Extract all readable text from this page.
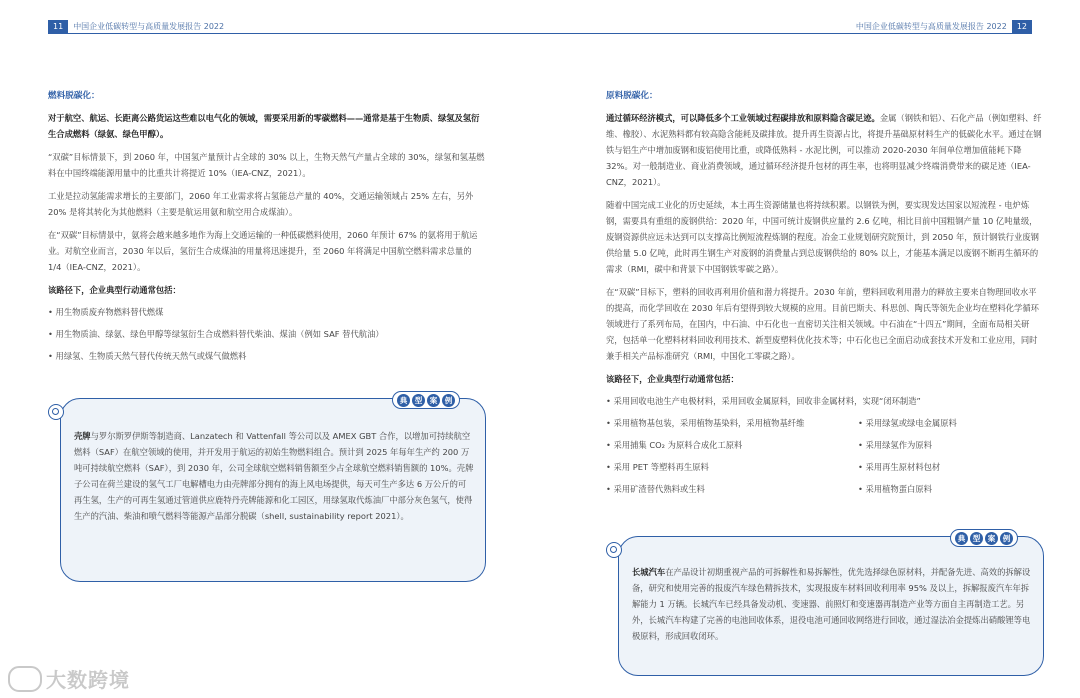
11 中国企业低碳转型与高质量发展报告 2022
燃料脱碳化：
对于航空、航运、长距离公路货运这些难以电气化的领域，需要采用新的零碳燃料——通常是基于生物质、绿氢及氢衍生合成燃料（绿氨、绿色甲醇）。
“双碳”目标情景下，到 2060 年，中国氢产量预计占全球的 30% 以上，生物天然气产量占全球的 30%，绿氢和氢基燃料在中国终端能源用量中的比重共计将提近 10%（IEA-CNZ，2021）。
工业是拉动氢能需求增长的主要部门，2060 年工业需求将占氢能总产量的 40%，交通运输领域占 25% 左右，另外 20% 是将其转化为其他燃料（主要是航运用氨和航空用合成煤油）。
在“双碳”目标情景中，氨将会越来越多地作为海上交通运输的一种低碳燃料使用，2060 年预计 67% 的氨将用于航运业。对航空业而言，2030 年以后，氢衍生合成煤油的用量将迅速提升，至 2060 年将满足中国航空燃料需求总量的 1/4（IEA-CNZ，2021）。
该路径下，企业典型行动通常包括：
• 用生物质废弃物燃料替代燃煤
• 用生物质油、绿氨、绿色甲醇等绿氢衍生合成燃料替代柴油、煤油（例如 SAF 替代航油）
• 用绿氢、生物质天然气替代传统天然气或煤气做燃料
典	型	案	例
壳牌与罗尔斯罗伊斯等制造商、Lanzatech 和 Vattenfall 等公司以及 AMEX GBT 合作，以增加可持续航空燃料（SAF）在航空领域的使用，并开发用于航运的初始生物燃料组合。预计到 2025 年每年生产约 200 万吨可持续航空燃料（SAF），到 2030 年，公司全球航空燃料销售额至少占全球航空燃料销售额的 10%。壳牌子公司在荷兰建设的氢气工厂电解槽电力由壳牌部分拥有的海上风电场提供，每天可生产多达 6 万公斤的可再生氢，生产的可再生氢通过管道供应鹿特丹壳牌能源和化工园区，用绿氢取代炼油厂中部分灰色氢气，使得生产的汽油、柴油和喷气燃料等能源产品部分脱碳（shell, sustainability report 2021）。
大数跨境
中国企业低碳转型与高质量发展报告 2022 12
原料脱碳化：
通过循环经济模式，可以降低多个工业领域过程碳排放和原料隐含碳足迹。金属（钢铁和铝）、石化产品（例如塑料、纤维、橡胶）、水泥熟料都有较高隐含能耗及碳排放。提升再生资源占比，将提升基础原材料生产的低碳化水平。通过在钢铁与铝生产中增加废钢和废铝使用比重，或降低熟料 - 水泥比例，可以推动 2020-2030 年间单位增加值能耗下降 32%。对一般制造业、商业消费领域，通过循环经济提升包材的再生率，也将明显减少终端消费带来的碳足迹（IEA-CNZ，2021）。
随着中国完成工业化的历史延续，本土再生资源储量也将持续积累。以钢铁为例，要实现发达国家以短流程 - 电炉炼钢，需要具有重组的废钢供给：2020 年，中国可统计废钢供应量约 2.6 亿吨，相比目前中国粗钢产量 10 亿吨量级，废钢资源供应远未达到可以支撑高比例短流程炼钢的程度。冶金工业规划研究院预计，到 2050 年，预计钢铁行业废钢供给量 5.0 亿吨，此时再生钢生产对废钢的消费量占到总废钢供给的 80% 以上，才能基本满足以废钢不断再生循环的需求（RMI，碳中和背景下中国钢铁零碳之路）。
在“双碳”目标下，塑料的回收再利用价值和潜力将提升。2030 年前，塑料回收利用潜力的释放主要来自物理回收水平的提高，而化学回收在 2030 年后有望得到较大规模的应用。目前巴斯夫、科思创、陶氏等领先企业均在塑料化学循环领域进行了系列布局，在国内，中石油、中石化也一直密切关注相关领域。中石油在“十四五”期间，全面布局相关研究，包括单一化塑料材料回收利用技术、新型废塑料优化技术等；中石化也已全面启动成套技术开发和工业应用，同时兼手相关产品标准研究（RMI，中国化工零碳之路）。
该路径下，企业典型行动通常包括：
• 采用回收电池生产电极材料，采用回收金属原料，回收非金属材料，实现“闭环制造”
• 采用植物基包装，采用植物基染料，采用植物基纤维	• 采用绿氢或绿电金属原料
• 采用捕集 CO₂ 为原料合成化工原料	• 采用绿氢作为原料
• 采用 PET 等塑料再生原料	• 采用再生原材料包材
• 采用矿渣替代熟料或生料	• 采用植物蛋白原料
典	型	案	例
长城汽车在产品设计初期重视产品的可拆解性和易拆解性，优先选择绿色原材料，并配备先进、高效的拆解设备，研究和使用完善的报废汽车绿色精拆技术，实现报废车材料回收利用率 95% 及以上，拆解报废汽车年拆解能力 1 万辆。长城汽车已经具备发动机、变速器、前照灯和变速器再制造产业等方面自主再制造工艺。另外，长城汽车构建了完善的电池回收体系，退役电池可通回收网络进行回收，通过湿法冶金提炼出硝酸锂等电极原料，形成回收闭环。
